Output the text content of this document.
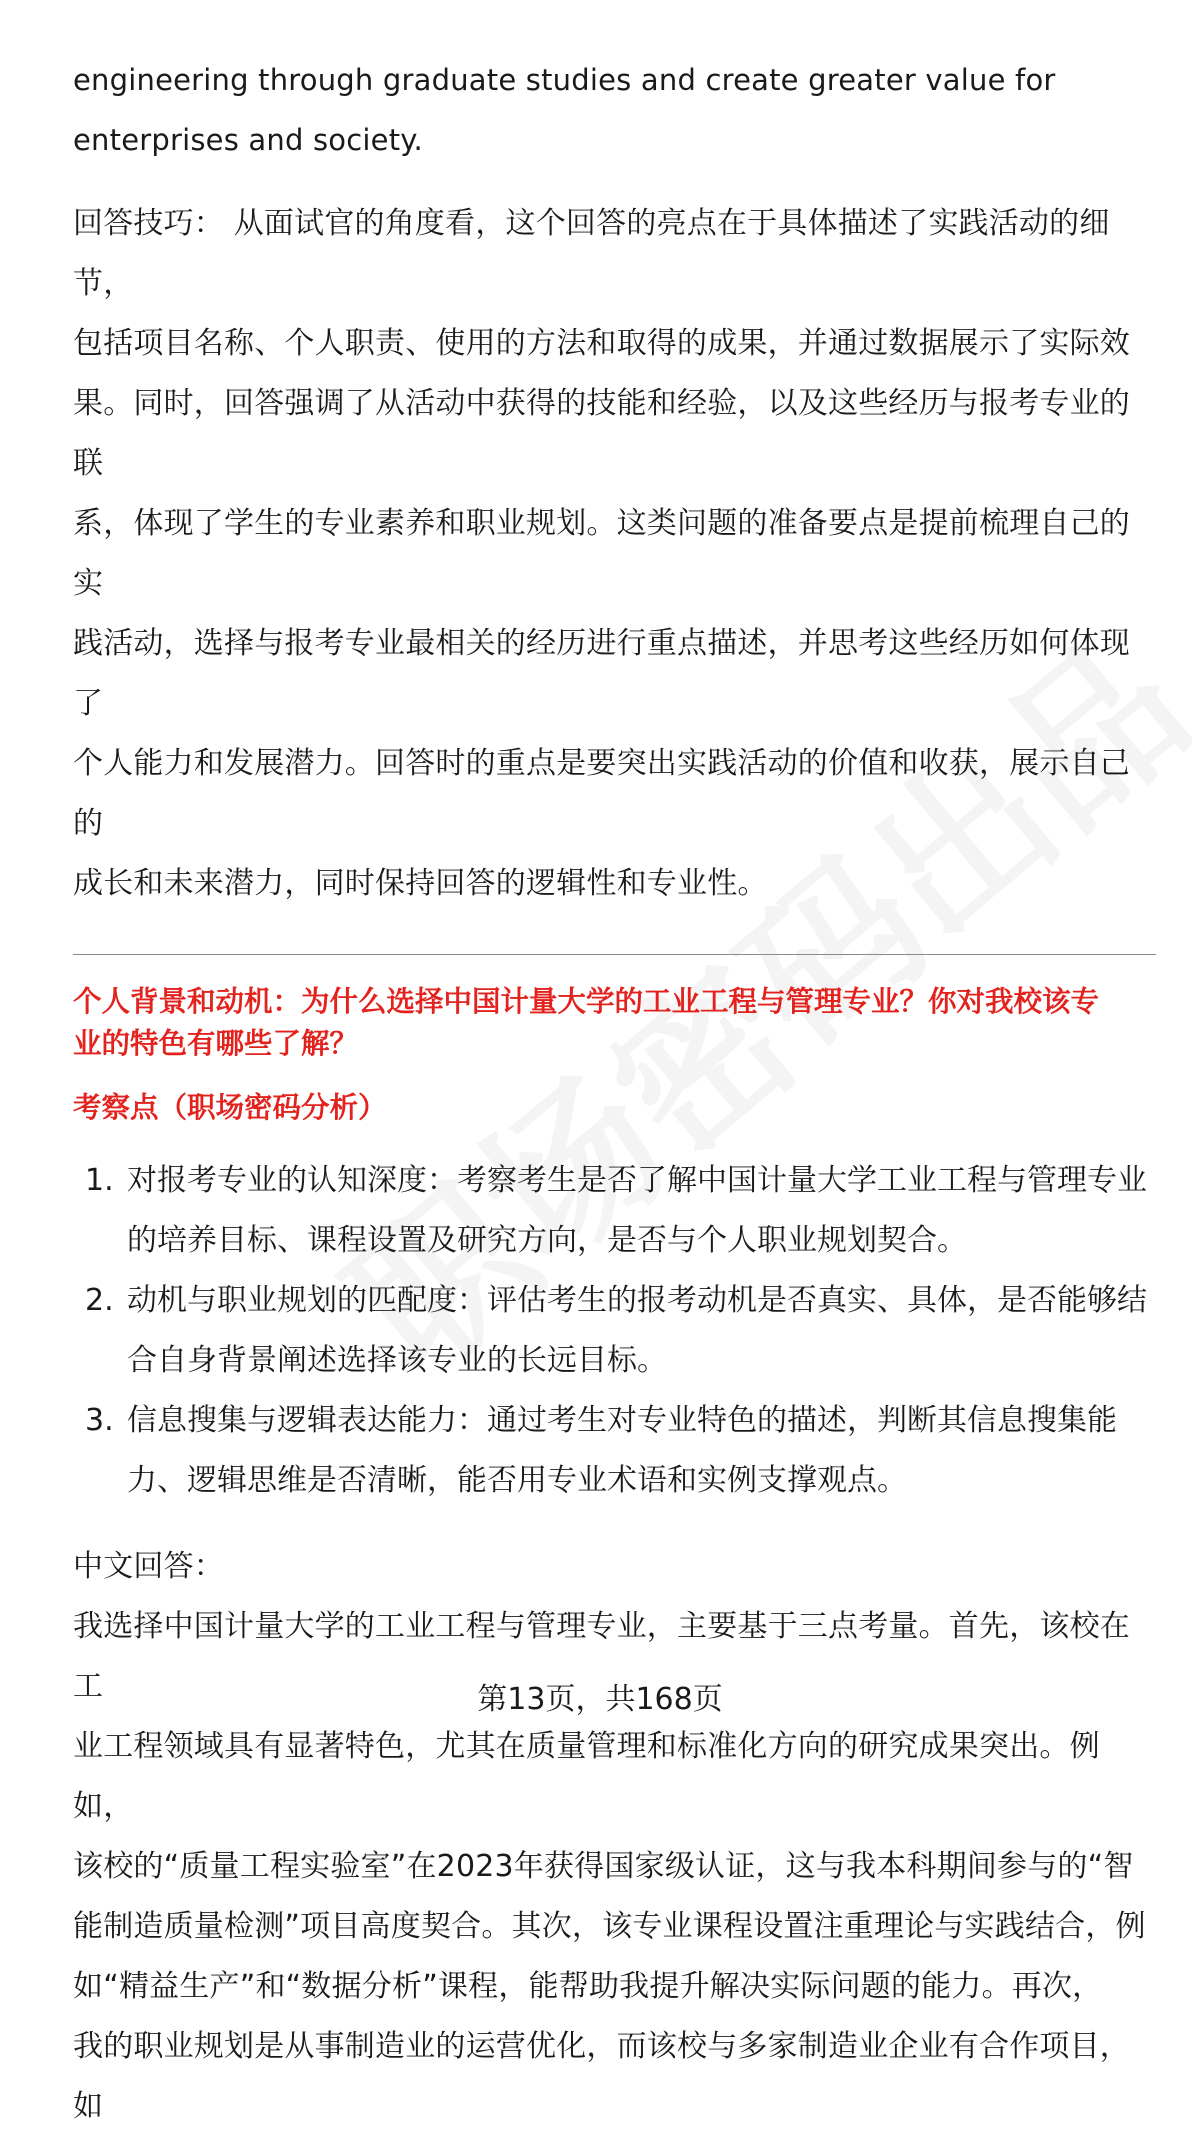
engineering through graduate studies and create greater value for

enterprises and society.

回答技巧： 从面试官的角度看，这个回答的亮点在于具体描述了实践活动的细节，

包括项目名称、个人职责、使用的方法和取得的成果，并通过数据展示了实际效

果。同时，回答强调了从活动中获得的技能和经验，以及这些经历与报考专业的联

系，体现了学生的专业素养和职业规划。这类问题的准备要点是提前梳理自己的实

践活动，选择与报考专业最相关的经历进行重点描述，并思考这些经历如何体现了

个人能力和发展潜力。回答时的重点是要突出实践活动的价值和收获，展示自己的

成长和未来潜力，同时保持回答的逻辑性和专业性。

个人背景和动机：为什么选择中国计量大学的工业工程与管理专业？你对我校该专

业的特色有哪些了解？

考察点（职场密码分析）

1. 对报考专业的认知深度：考察考生是否了解中国计量大学工业工程与管理专业
的培养目标、课程设置及研究方向，是否与个人职业规划契合。
2. 动机与职业规划的匹配度：评估考生的报考动机是否真实、具体，是否能够结
合自身背景阐述选择该专业的长远目标。
3. 信息搜集与逻辑表达能力：通过考生对专业特色的描述，判断其信息搜集能
力、逻辑思维是否清晰，能否用专业术语和实例支撑观点。

中文回答：

我选择中国计量大学的工业工程与管理专业，主要基于三点考量。首先，该校在工

业工程领域具有显著特色，尤其在质量管理和标准化方向的研究成果突出。例如，

该校的“质量工程实验室”在2023年获得国家级认证，这与我本科期间参与的“智

能制造质量检测”项目高度契合。其次，该专业课程设置注重理论与实践结合，例

如“精益生产”和“数据分析”课程，能帮助我提升解决实际问题的能力。再次，

我的职业规划是从事制造业的运营优化，而该校与多家制造业企业有合作项目，如

第13页，共168页
